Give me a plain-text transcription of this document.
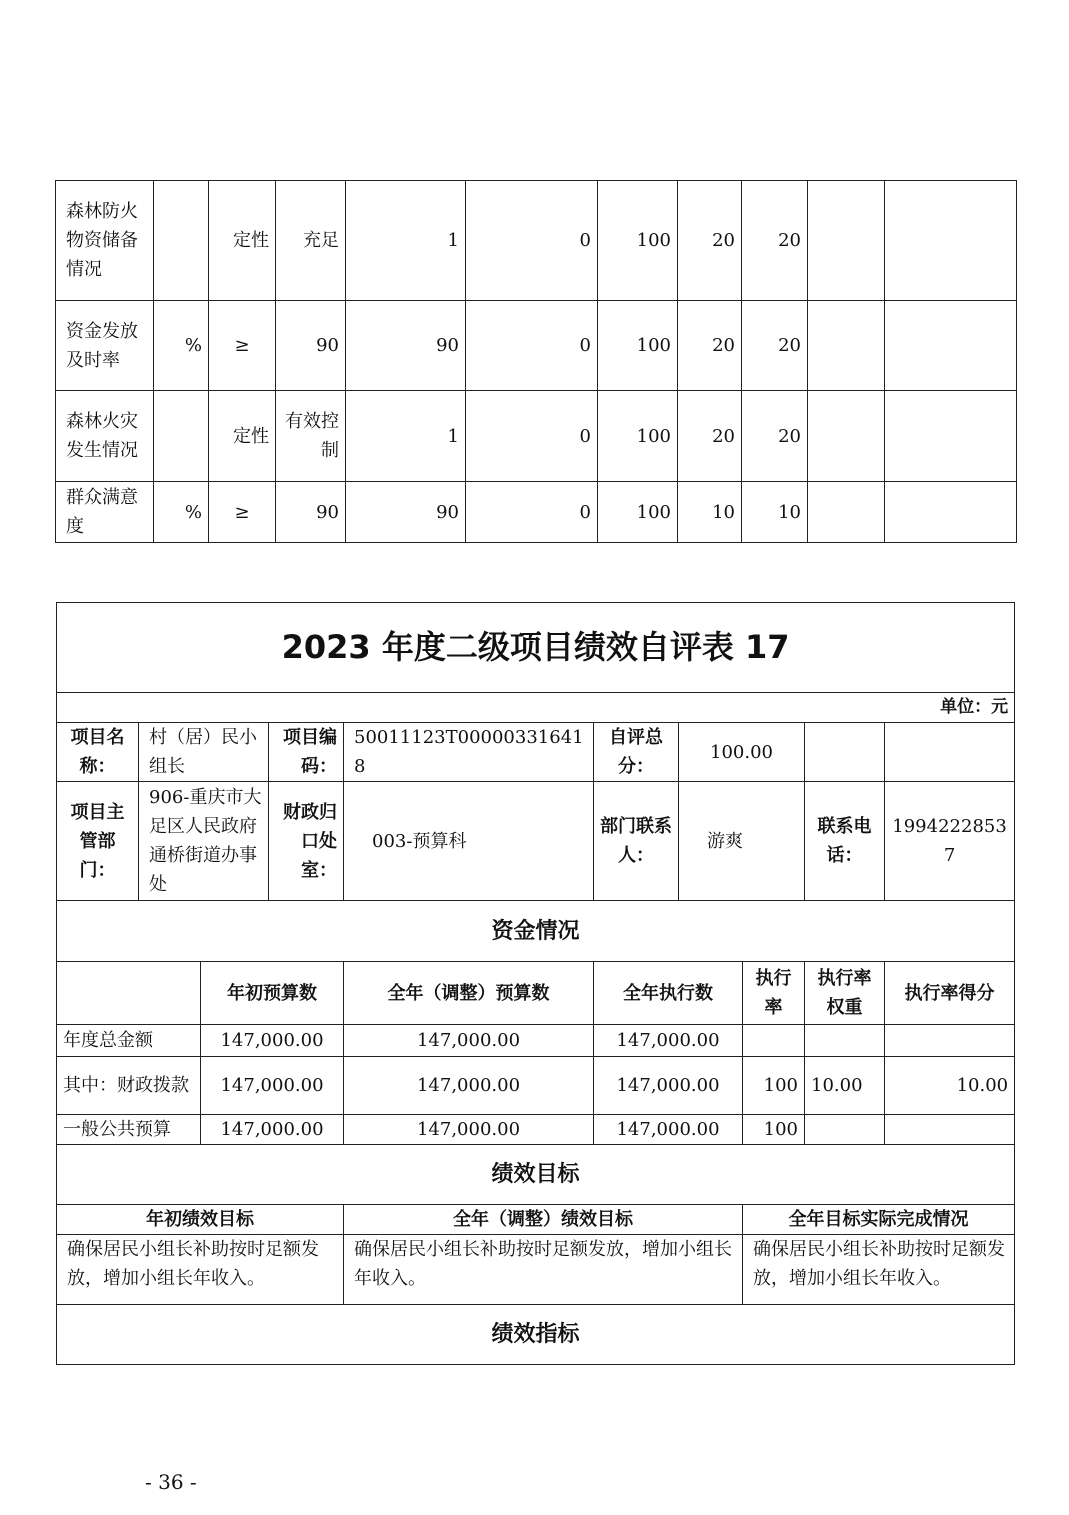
森林防火物资储备情况		定性	充足	1	0	100	20	20		
资金发放及时率	%	≥	90	90	0	100	20	20		
森林火灾发生情况		定性	有效控制	1	0	100	20	20		
群众满意度	%	≥	90	90	0	100	10	10		
2023 年度二级项目绩效自评表 17									
单位：元									
项目名称：	村（居）民小组长		项目编码：	50011123T000003316418	自评总分：	100.00			
项目主管部门：	906-重庆市大足区人民政府通桥街道办事处		财政归口处室：	003-预算科	部门联系人：	游爽		联系电话：	19942228537
资金情况									
		年初预算数		全年（调整）预算数	全年执行数		执行率	执行率权重	执行率得分
年度总金额		147,000.00		147,000.00	147,000.00				
其中：财政拨款		147,000.00		147,000.00	147,000.00		100	10.00	10.00
一般公共预算		147,000.00		147,000.00	147,000.00		100		
绩效目标									
年初绩效目标				全年（调整）绩效目标			全年目标实际完成情况		
确保居民小组长补助按时足额发放，增加小组长年收入。				确保居民小组长补助按时足额发放，增加小组长年收入。			确保居民小组长补助按时足额发放，增加小组长年收入。		
绩效指标									
- 36 -
